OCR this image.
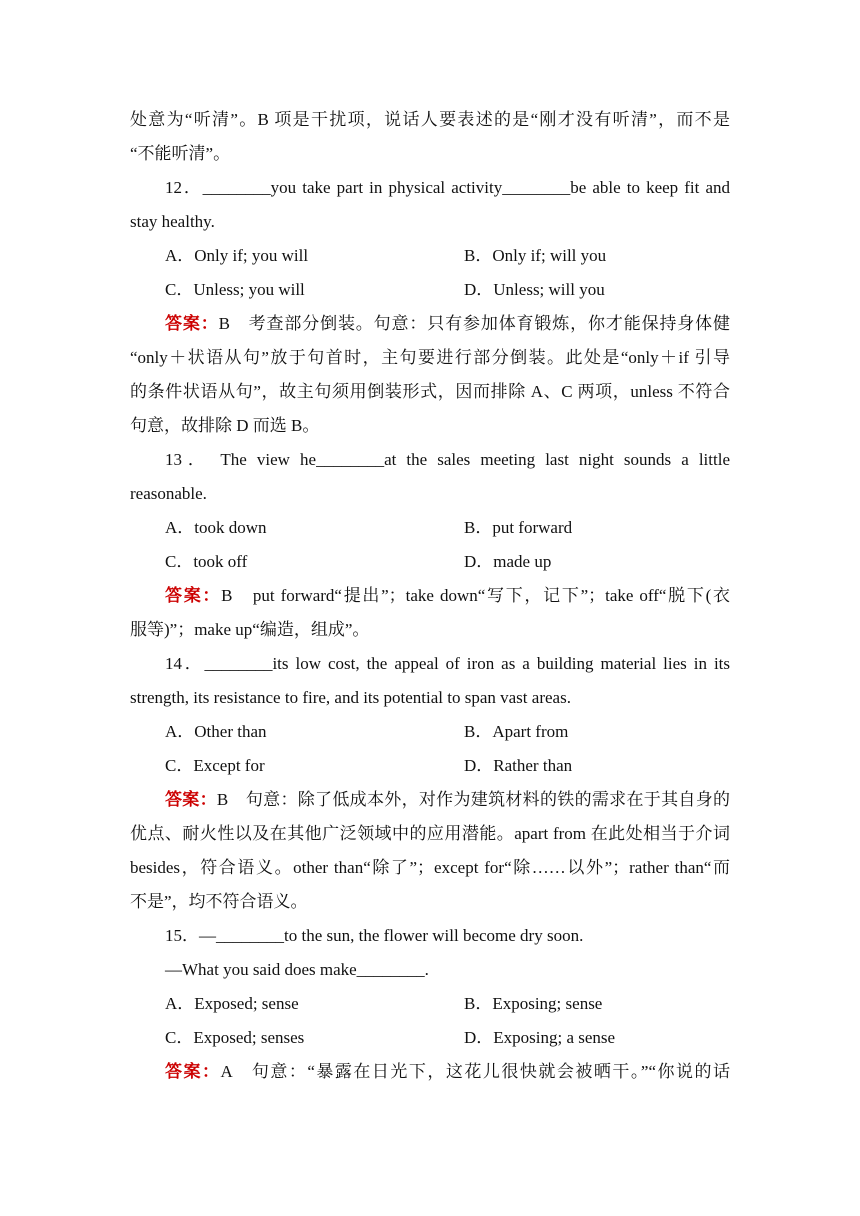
处意为“听清”。B 项是干扰项，说话人要表述的是“刚才没有听清”，而不是
“不能听清”。
12．________you take part in physical activity________be able to keep fit and
stay healthy.
A．Only if; you will	B．Only if; will you
C．Unless; you will	D．Unless; will you
答案：B　考查部分倒装。句意：只有参加体育锻炼，你才能保持身体健
“only＋状语从句”放于句首时，主句要进行部分倒装。此处是“only＋if 引导
的条件状语从句”，故主句须用倒装形式，因而排除 A、C 两项，unless 不符合
句意，故排除 D 而选 B。
13． The view he________at the sales meeting last night sounds a little
reasonable.
A．took down	B．put forward
C．took off	D．made up
答案：B　put forward“提出”；take down“写下，记下”；take off“脱下(衣
服等)”；make up“编造，组成”。
14．________its low cost, the appeal of iron as a building material lies in its
strength, its resistance to fire, and its potential to span vast areas.
A．Other than	B．Apart from
C．Except for	D．Rather than
答案：B　句意：除了低成本外，对作为建筑材料的铁的需求在于其自身的
优点、耐火性以及在其他广泛领域中的应用潜能。apart from 在此处相当于介词
besides，符合语义。other than“除了”；except for“除……以外”；rather than“而
不是”，均不符合语义。
15．—________to the sun, the flower will become dry soon.
—What you said does make________.
A．Exposed; sense	B．Exposing; sense
C．Exposed; senses	D．Exposing; a sense
答案：A　句意：“暴露在日光下，这花儿很快就会被晒干。”“你说的话
